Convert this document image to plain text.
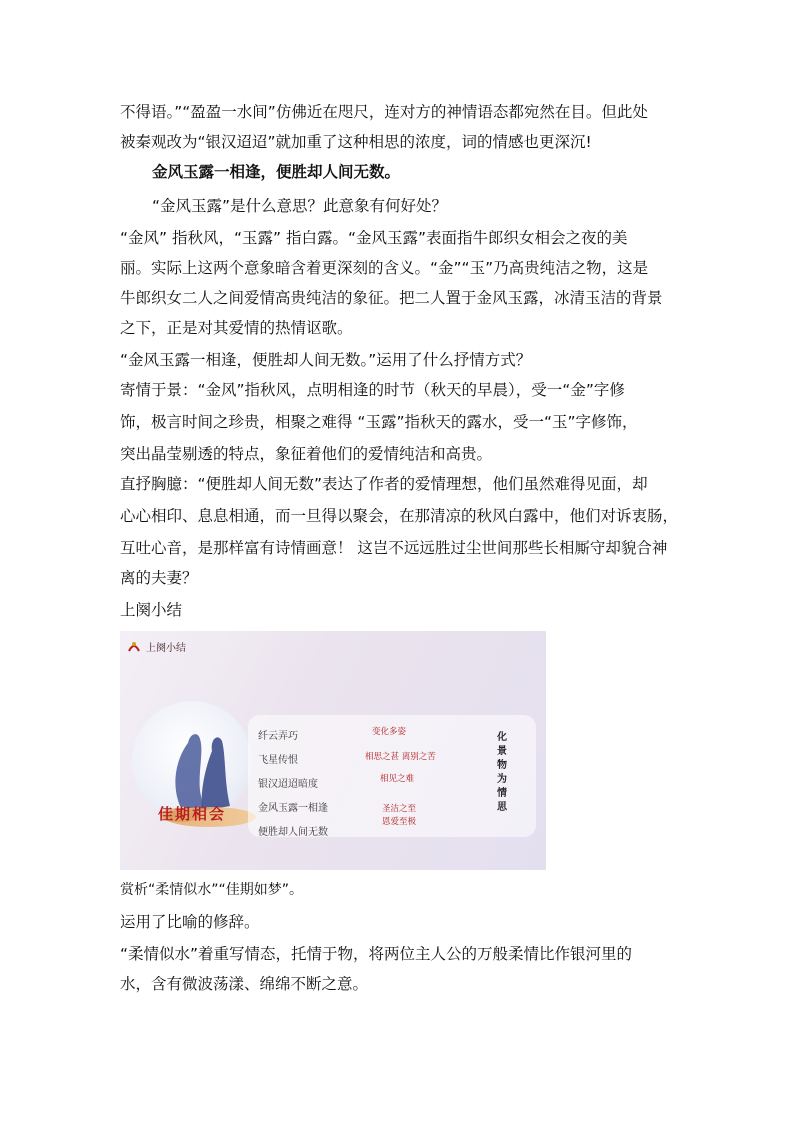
不得语。”“盈盈一水间”仿佛近在咫尺，连对方的神情语态都宛然在目。但此处
被秦观改为“银汉迢迢”就加重了这种相思的浓度，词的情感也更深沉!
金风玉露一相逢，便胜却人间无数。
“金风玉露”是什么意思？此意象有何好处？
“金风” 指秋风，“玉露” 指白露。“金风玉露”表面指牛郎织女相会之夜的美
丽。实际上这两个意象暗含着更深刻的含义。“金”“玉”乃高贵纯洁之物，这是
牛郎织女二人之间爱情高贵纯洁的象征。把二人置于金风玉露，冰清玉洁的背景
之下，正是对其爱情的热情讴歌。
“金风玉露一相逢，便胜却人间无数。”运用了什么抒情方式？
寄情于景：“金风”指秋风，点明相逢的时节（秋天的早晨），受一“金”字修
饰，极言时间之珍贵，相聚之难得 “玉露”指秋天的露水，受一“玉”字修饰，
突出晶莹剔透的特点，象征着他们的爱情纯洁和高贵。
直抒胸臆：“便胜却人间无数”表达了作者的爱情理想，他们虽然难得见面，却
心心相印、息息相通，而一旦得以聚会，在那清凉的秋风白露中，他们对诉衷肠，
互吐心音，是那样富有诗情画意！ 这岂不远远胜过尘世间那些长相厮守却貌合神
离的夫妻？
上阕小结
上阕小结
纤云弄巧
飞星传恨
银汉迢迢暗度
金风玉露一相逢
便胜却人间无数
变化多姿
相思之甚 离别之苦
相见之难
圣洁之至
恩爱至极
化景物为情思
佳期相会
赏析“柔情似水”“佳期如梦”。
运用了比喻的修辞。
“柔情似水”着重写情态，托情于物，将两位主人公的万般柔情比作银河里的
水，含有微波荡漾、绵绵不断之意。
